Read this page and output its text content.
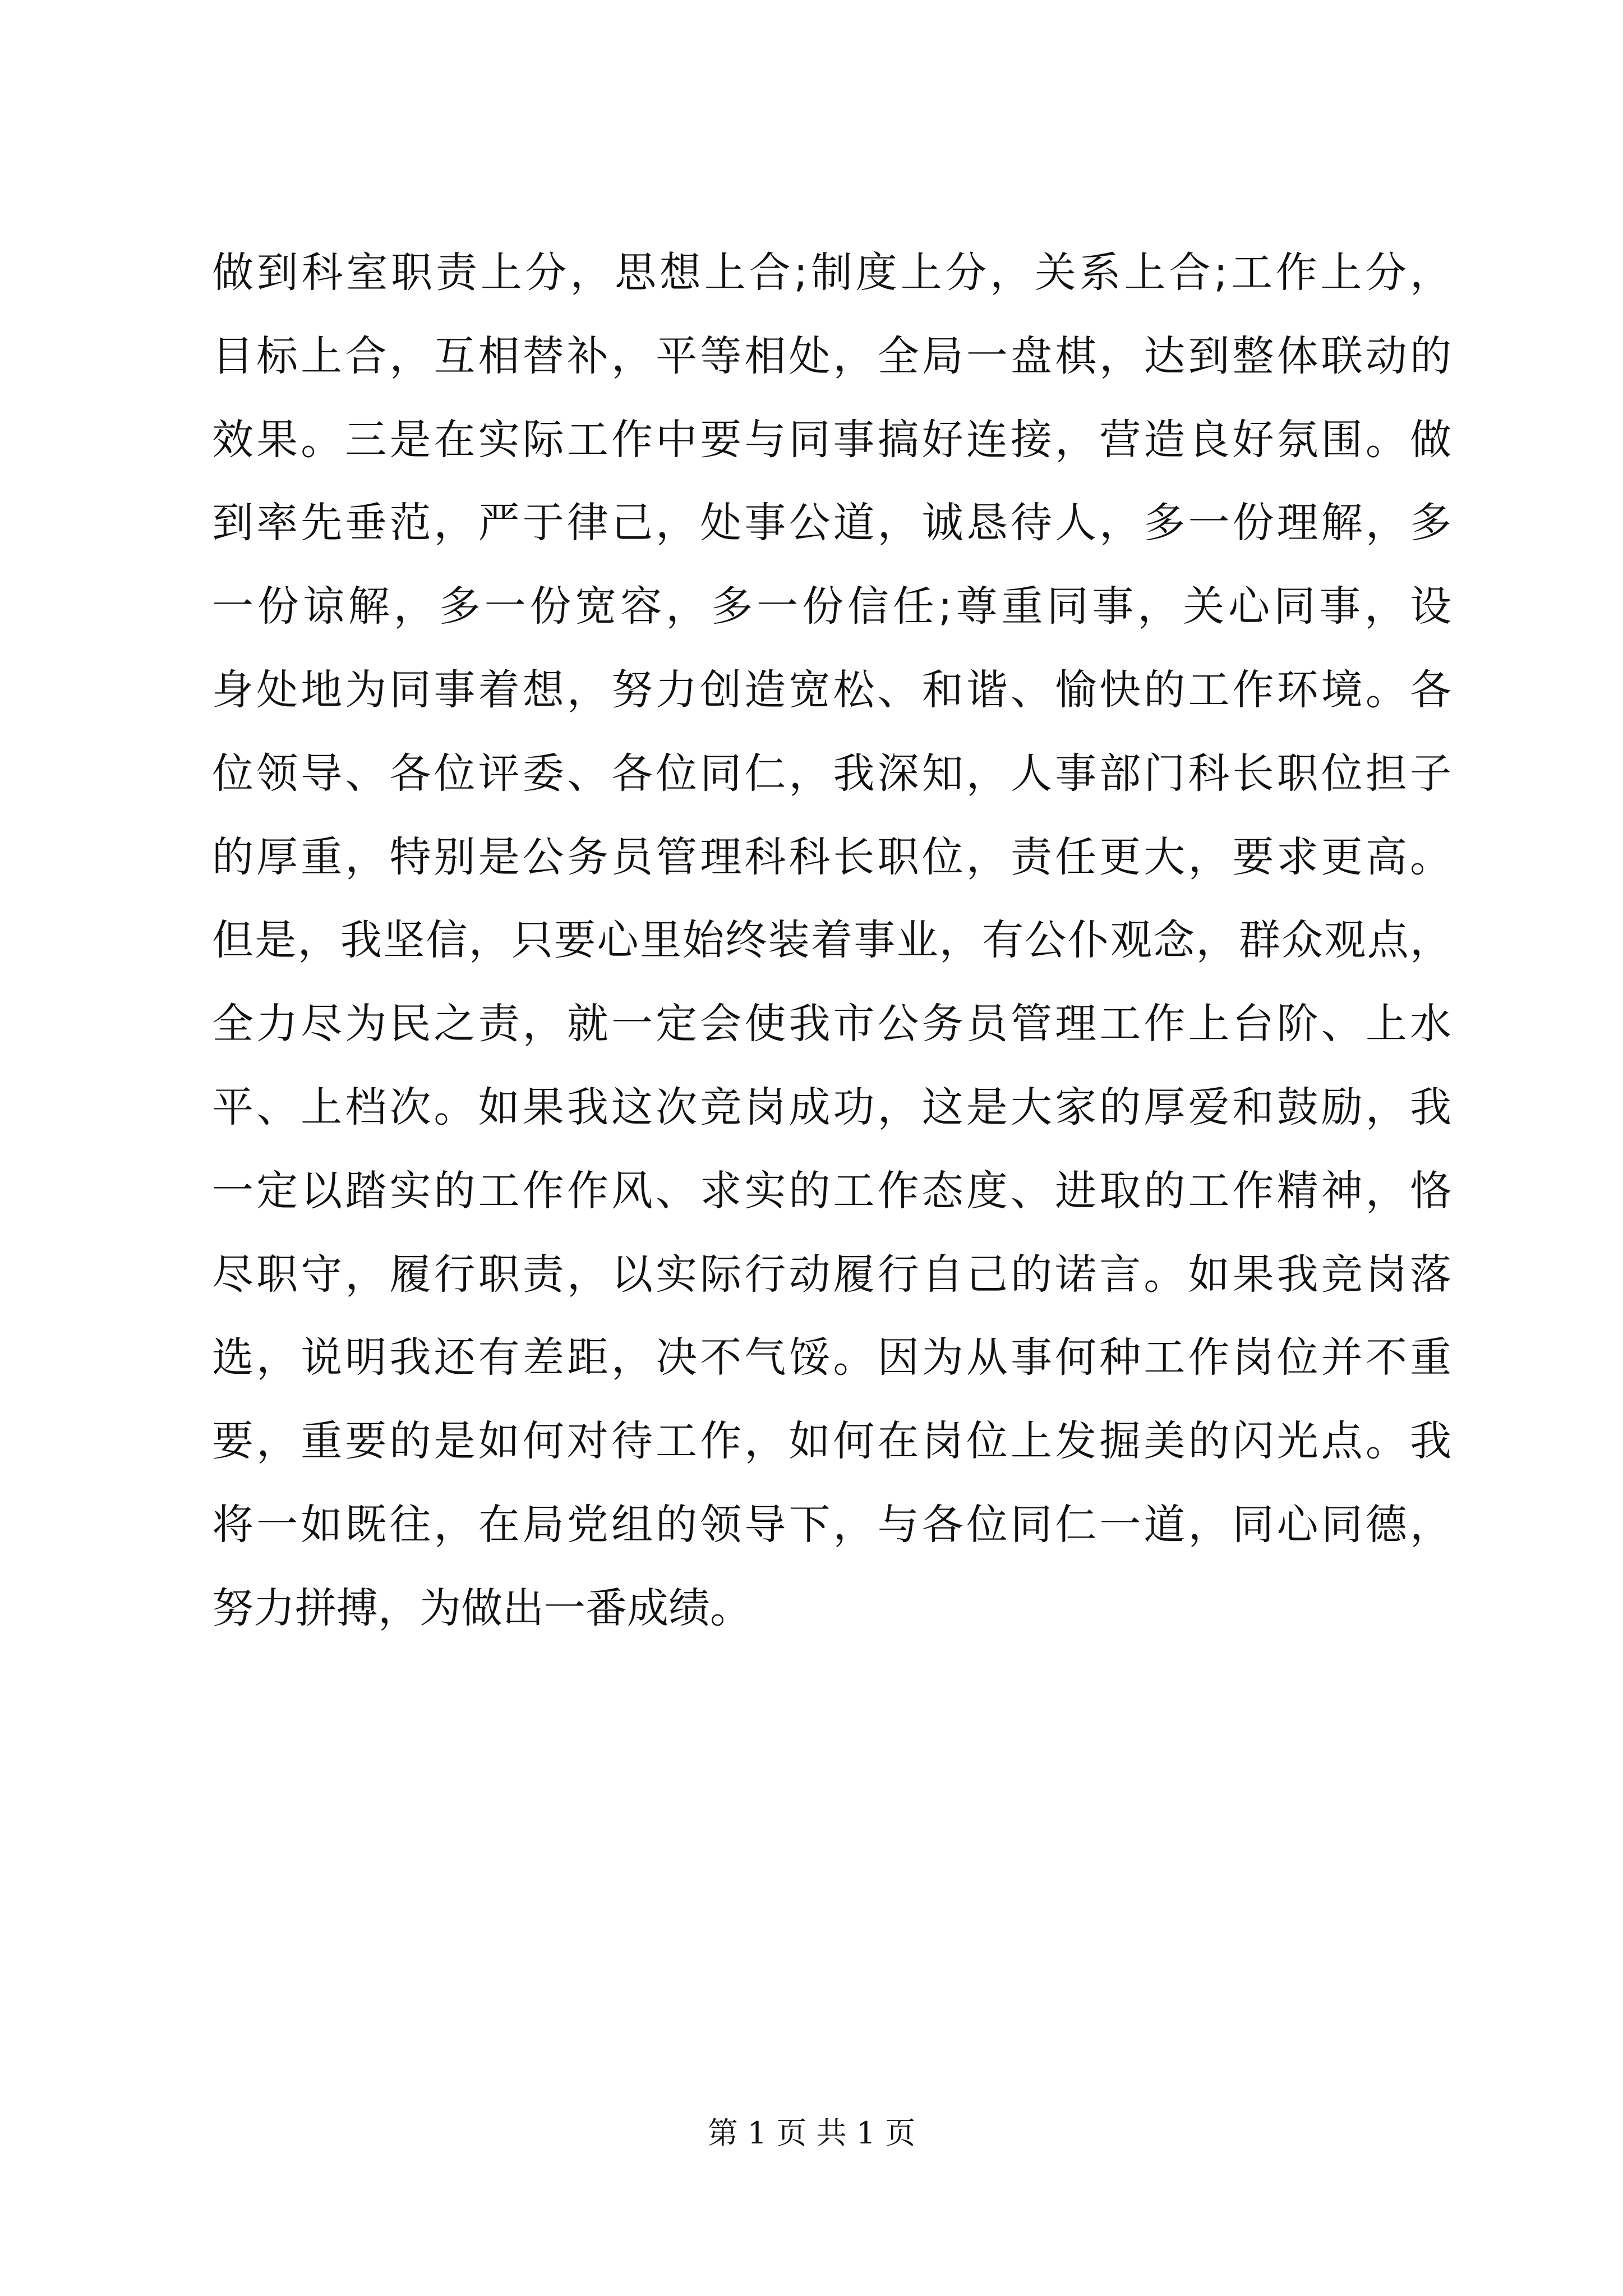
做到科室职责上分，思想上合;制度上分，关系上合;工作上分，
目标上合，互相替补，平等相处，全局一盘棋，达到整体联动的
效果。三是在实际工作中要与同事搞好连接，营造良好氛围。做
到率先垂范，严于律己，处事公道，诚恳待人，多一份理解，多
一份谅解，多一份宽容，多一份信任;尊重同事，关心同事，设
身处地为同事着想，努力创造宽松、和谐、愉快的工作环境。各
位领导、各位评委、各位同仁，我深知，人事部门科长职位担子
的厚重，特别是公务员管理科科长职位，责任更大，要求更高。
但是，我坚信，只要心里始终装着事业，有公仆观念，群众观点，
全力尽为民之责，就一定会使我市公务员管理工作上台阶、上水
平、上档次。如果我这次竞岗成功，这是大家的厚爱和鼓励，我
一定以踏实的工作作风、求实的工作态度、进取的工作精神，恪
尽职守，履行职责，以实际行动履行自己的诺言。如果我竞岗落
选，说明我还有差距，决不气馁。因为从事何种工作岗位并不重
要，重要的是如何对待工作，如何在岗位上发掘美的闪光点。我
将一如既往，在局党组的领导下，与各位同仁一道，同心同德，
努力拼搏，为做出一番成绩。
第 1 页 共 1 页
